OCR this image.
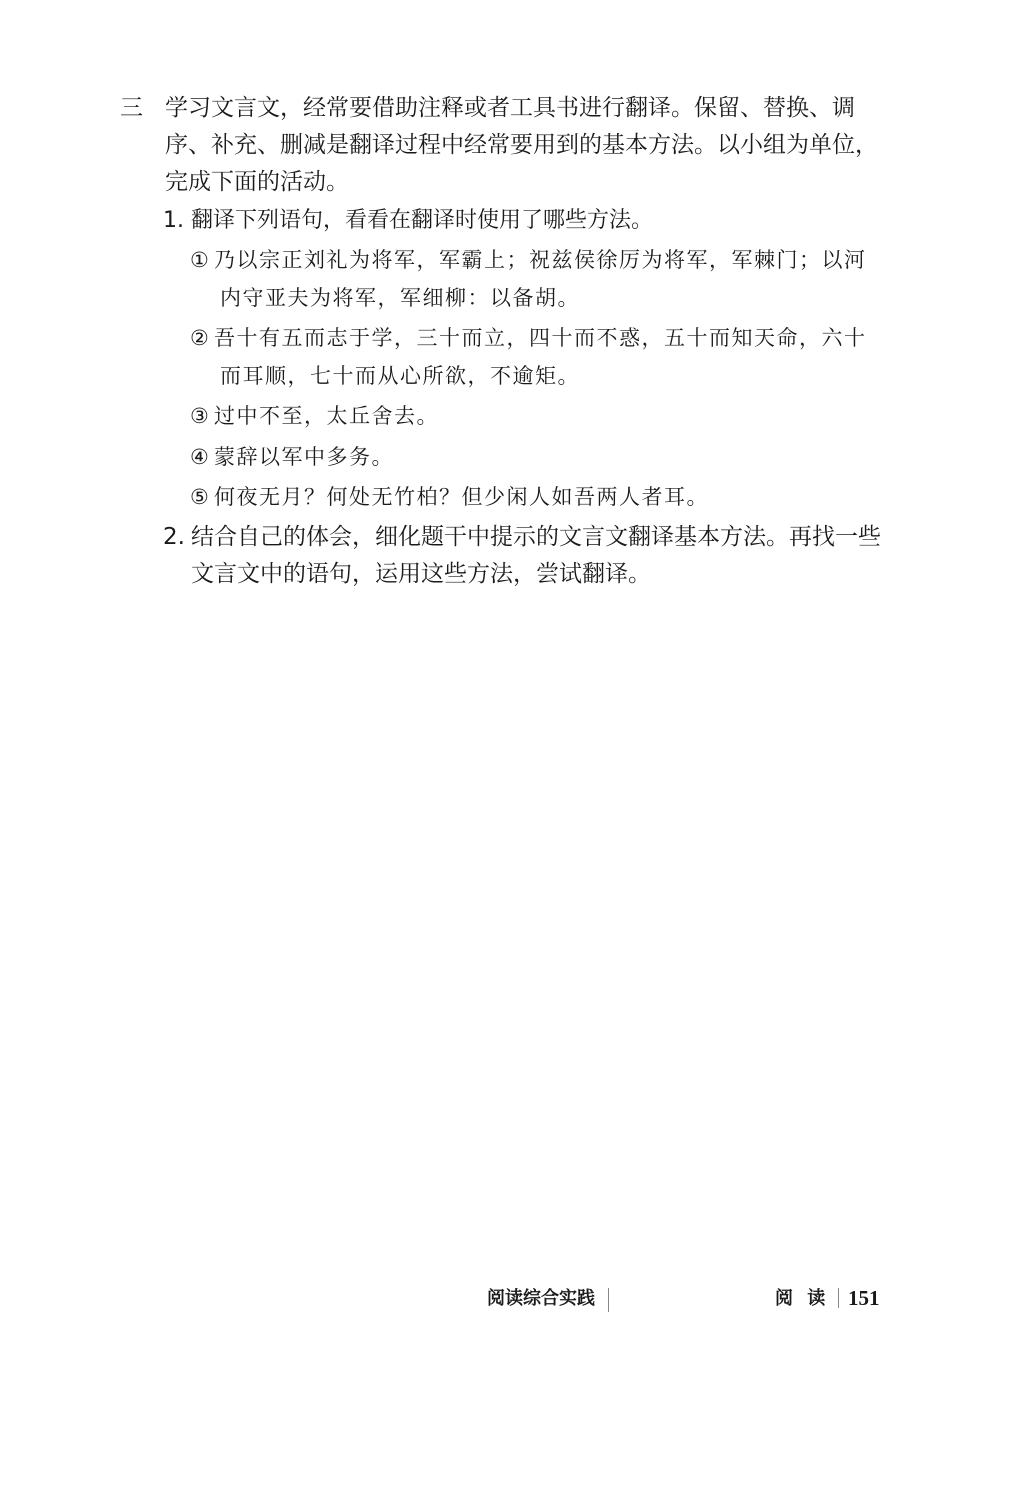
三 学习文言文，经常要借助注释或者工具书进行翻译。保留、替换、调序、补充、删减是翻译过程中经常要用到的基本方法。以小组为单位，完成下面的活动。

1. 翻译下列语句，看看在翻译时使用了哪些方法。
① 乃以宗正刘礼为将军，军霸上；祝兹侯徐厉为将军，军棘门；以河
内守亚夫为将军，军细柳：以备胡。
② 吾十有五而志于学，三十而立，四十而不惑，五十而知天命，六十
而耳顺，七十而从心所欲，不逾矩。
③ 过中不至，太丘舍去。
④ 蒙辞以军中多务。
⑤ 何夜无月？何处无竹柏？但少闲人如吾两人者耳。
2. 结合自己的体会，细化题干中提示的文言文翻译基本方法。再找一些
文言文中的语句，运用这些方法，尝试翻译。
阅读综合实践	阅 读 151
